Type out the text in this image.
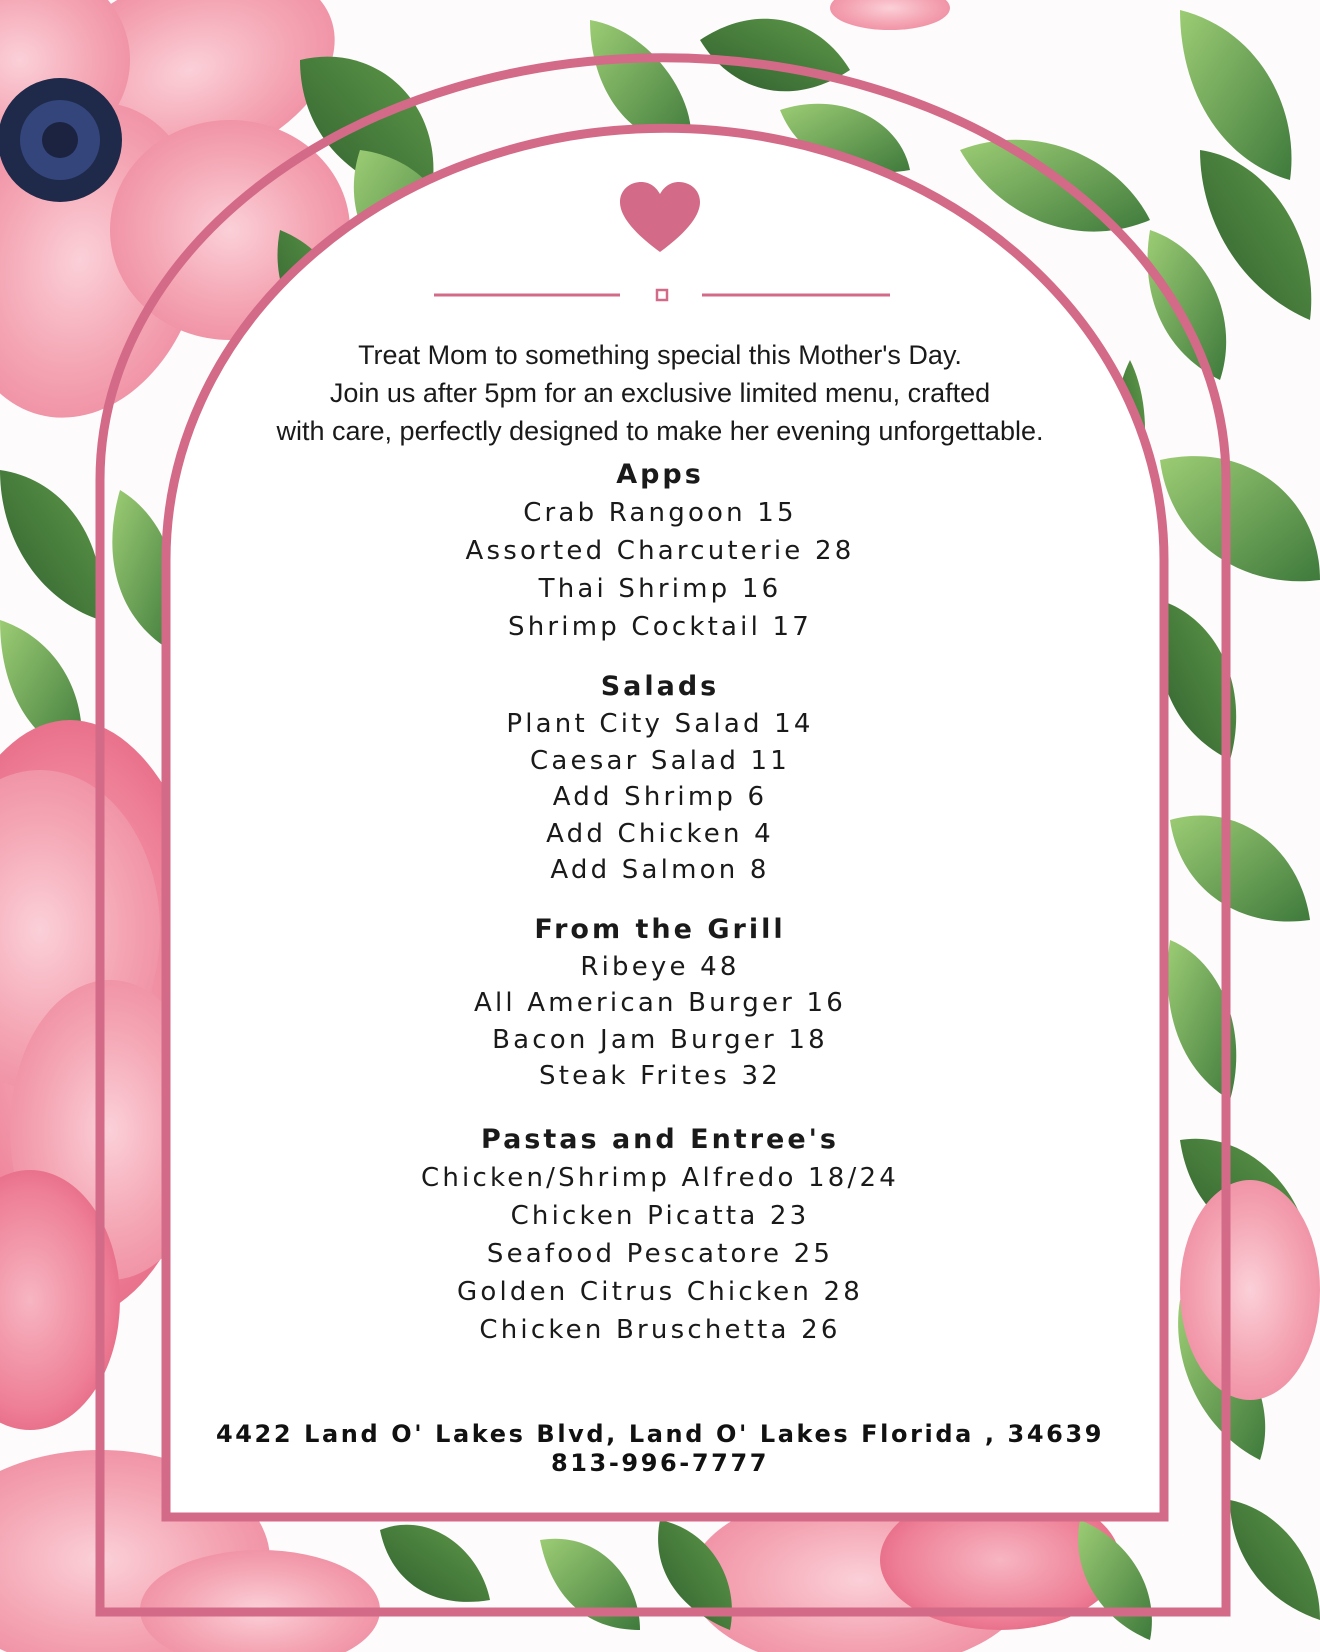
Treat Mom to something special this Mother's Day.
Join us after 5pm for an exclusive limited menu, crafted
with care, perfectly designed to make her evening unforgettable.
Apps
Crab Rangoon 15
Assorted Charcuterie 28
Thai Shrimp 16
Shrimp Cocktail 17
Salads
Plant City Salad 14
Caesar Salad 11
Add Shrimp 6
Add Chicken 4
Add Salmon 8
From the Grill
Ribeye 48
All American Burger 16
Bacon Jam Burger 18
Steak Frites 32
Pastas and Entree's
Chicken/Shrimp Alfredo 18/24
Chicken Picatta 23
Seafood Pescatore 25
Golden Citrus Chicken 28
Chicken Bruschetta 26
4422 Land O' Lakes Blvd, Land O' Lakes Florida , 34639
813-996-7777
